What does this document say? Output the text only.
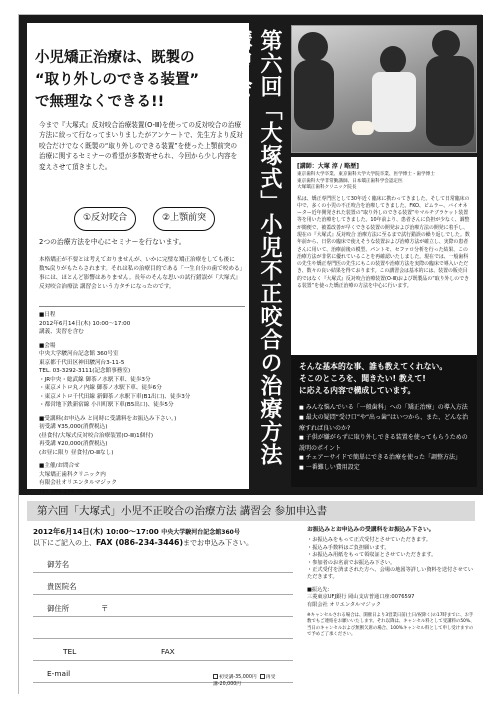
小児矯正治療は、既製の
“取り外しのできる装置”
で無理なくできる!!
今まで『大塚式』反対咬合治療装置(O-Ⅲ)を使っての反対咬合の治療方法に絞って行なってまいりましたがアンケートで、先生方より反対咬合だけでなく既製の“取り外しのできる装置”を使った上顎前突の治療に関するセミナーの希望が多数寄せられ、今回から少し内容を変えさせて頂きました。
①反対咬合	②上顎前突
2つの治療方法を中心にセミナーを行ないます。
本格矯正が不要とは考えておりませんが、いかに完璧な矯正治療をしても後に数%戻りがもたらされます。それは私の治療目的である「一生自分の歯で咬める」事には、ほとんど影響はありません。長年のそんな思いの試行錯誤が『大塚式』反対咬合治療法 講習会という力タチになったのです。
■日程
2012年6月14日(木) 10:00～17:00
講義、実習を含む
■会場
中央大学駿河台記念館 360号室
東京都千代田区神田駿河台3-11-5
TEL. 03-3292-3111(記念館事務室)
・JR中央・総武線 御茶ノ水駅下車、徒歩3分
・東京メトロ丸ノ内線 御茶ノ水駅下車、徒歩6分
・東京メトロ千代田線 新御茶ノ水駅下車(B1出口)、徒歩3分
・都営地下鉄新宿線 小川町駅下車(B5出口)、徒歩5分
■受講料(お申込み と同時に受講料をお振込み下さい。)
初受講 ¥35,000(消費税込)
(昼食付/大塚式反対咬合治療装置(O-Ⅲ)1個付)
再受講 ¥20,000(消費税込)
(お昼に限り 昼食付/O-Ⅲなし)
■主催/お問合せ
大塚矯正歯科クリニック内
有限会社オリエンタルマジック
TEL.086-234-0006
第六回「大塚式」小児不正咬合の治療方法 講習会
[講師：大塚 淳 / 略歴]
東京歯科大学卒業、東京歯科大学大学院卒業、医学博士・歯学博士
東京歯科大学非常勤講師、日本矯正歯科学会認定医
大塚矯正歯科クリニック院長
私は、矯正専門医として30年近く臨床に携わってきました。そして日常臨床の中で、多くの小児の不正咬合を治療してきました。FKO、ビムラー、バイオネーター近年開発された装置の“取り外しのできる装置”やマルチブラケット装置等を用いた治療をしてきました。10年前より、患者さんに負担が少なく、調整が簡便で、被蓋改善が早くできる装置の開発および治療方法の開発に着手し、現在の『大塚式』反対咬合 治療方法に至るまで試行錯誤の繰り返しでした。数年前から、日常の臨床で使えそうな装置および治療方法が確立し、実際の患者さんに用いて、治療前後の模型、パントモ、セファロ分析を行った結果、この治療方法が非常に優れていることを再確認いたしました。現在では、一般歯科の先生や矯正専門医の先生にもこの装置や治療方法を実際の臨床で導入いただき、数々の良い結果を得ております。この講習会は基本的には、装置の販売目的ではなく『大塚式』反対咬合治療装置(O-Ⅲ)および既製品の“取り外しのできる装置”を使った矯正治療の方法を中心に行います。
そんな基本的な事、誰も教えてくれない。
そこのところを、聞きたい! 教えて!
に応える内容で構成しています。
■ みんな悩んでいる「一般歯科」への「矯正治療」の導入方法
■ 最大の疑問“受け口”や“出っ歯”はいつから、また、どんな治療すれば良いのか?
■ 子供が嫌がらずに取り外しできる装置を使ってもらうための説明のポイント
■ チェアーサイドで簡単にできる治療を使った「調整方法」
■ 一番難しい費用設定
第六回「大塚式」小児不正咬合の治療方法 講習会 参加申込書
2012年6月14日(木) 10:00～17:00 中央大学駿河台記念館360号
以下にご記入の上、FAX (086-234-3446)までお申込み下さい。
御芳名
貴医院名
御住所	〒
TEL	FAX
E-mail	初受講-35,000円 再受講-20,000円
お振込みとお申込みの受講料をお振込み下さい。
・お振込みをもって正式受付とさせていただきます。
・振込み手数料はご負担願います。
・お振込み用紙をもって領収証とさせていただきます。
・参加者のお名前でお振込み下さい。
・正式受付を済まされた方へ、会場の地図等詳しい資料を送付させていただきます。
■振込先：
三菱東京UFJ銀行 岡山支店普通口座:0076597
有限会社 オリエンタルマジック
※キャンセルされる場合は、開催日より3営業日前(土日/祝除く)の17時までに、お手数でもご連絡をお願いいたします。それ以降は、キャンセル料として受講料の50%、当日のキャンセルおよび無断欠席の場合、100%キャンセル料として申し受けますので予めご了承ください。
